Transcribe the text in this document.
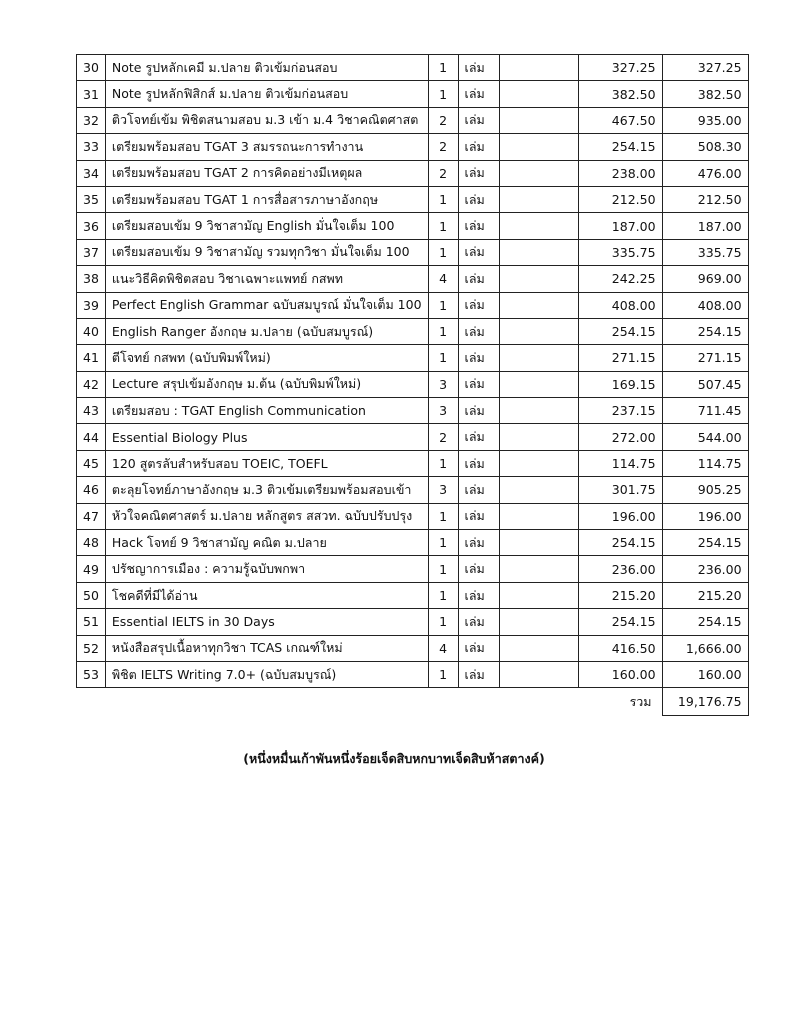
30	Note รูปหลักเคมี ม.ปลาย ติวเข้มก่อนสอบ	1	เล่ม		327.25	327.25
31	Note รูปหลักฟิสิกส์ ม.ปลาย ติวเข้มก่อนสอบ	1	เล่ม		382.50	382.50
32	ติวโจทย์เข้ม พิชิตสนามสอบ ม.3 เข้า ม.4 วิชาคณิตศาสต	2	เล่ม		467.50	935.00
33	เตรียมพร้อมสอบ TGAT 3 สมรรถนะการทำงาน	2	เล่ม		254.15	508.30
34	เตรียมพร้อมสอบ TGAT 2 การคิดอย่างมีเหตุผล	2	เล่ม		238.00	476.00
35	เตรียมพร้อมสอบ TGAT 1 การสื่อสารภาษาอังกฤษ	1	เล่ม		212.50	212.50
36	เตรียมสอบเข้ม 9 วิชาสามัญ English มั่นใจเต็ม 100	1	เล่ม		187.00	187.00
37	เตรียมสอบเข้ม 9 วิชาสามัญ รวมทุกวิชา มั่นใจเต็ม 100	1	เล่ม		335.75	335.75
38	แนะวิธีคิดพิชิตสอบ วิชาเฉพาะแพทย์ กสพท	4	เล่ม		242.25	969.00
39	Perfect English Grammar ฉบับสมบูรณ์ มั่นใจเต็ม 100	1	เล่ม		408.00	408.00
40	English Ranger อังกฤษ ม.ปลาย (ฉบับสมบูรณ์)	1	เล่ม		254.15	254.15
41	ตีโจทย์ กสพท (ฉบับพิมพ์ใหม่)	1	เล่ม		271.15	271.15
42	Lecture สรุปเข้มอังกฤษ ม.ต้น (ฉบับพิมพ์ใหม่)	3	เล่ม		169.15	507.45
43	เตรียมสอบ : TGAT English Communication	3	เล่ม		237.15	711.45
44	Essential Biology Plus	2	เล่ม		272.00	544.00
45	120 สูตรลับสำหรับสอบ TOEIC, TOEFL	1	เล่ม		114.75	114.75
46	ตะลุยโจทย์ภาษาอังกฤษ ม.3 ติวเข้มเตรียมพร้อมสอบเข้า	3	เล่ม		301.75	905.25
47	หัวใจคณิตศาสตร์ ม.ปลาย หลักสูตร สสวท. ฉบับปรับปรุง	1	เล่ม		196.00	196.00
48	Hack โจทย์ 9 วิชาสามัญ คณิต ม.ปลาย	1	เล่ม		254.15	254.15
49	ปรัชญาการเมือง : ความรู้ฉบับพกพา	1	เล่ม		236.00	236.00
50	โชคดีที่มีได้อ่าน	1	เล่ม		215.20	215.20
51	Essential IELTS in 30 Days	1	เล่ม		254.15	254.15
52	หนังสือสรุปเนื้อหาทุกวิชา TCAS เกณฑ์ใหม่	4	เล่ม		416.50	1,666.00
53	พิชิต IELTS Writing 7.0+ (ฉบับสมบูรณ์)	1	เล่ม		160.00	160.00
					รวม	19,176.75
(หนึ่งหมื่นเก้าพันหนึ่งร้อยเจ็ดสิบหกบาทเจ็ดสิบห้าสตางค์)
